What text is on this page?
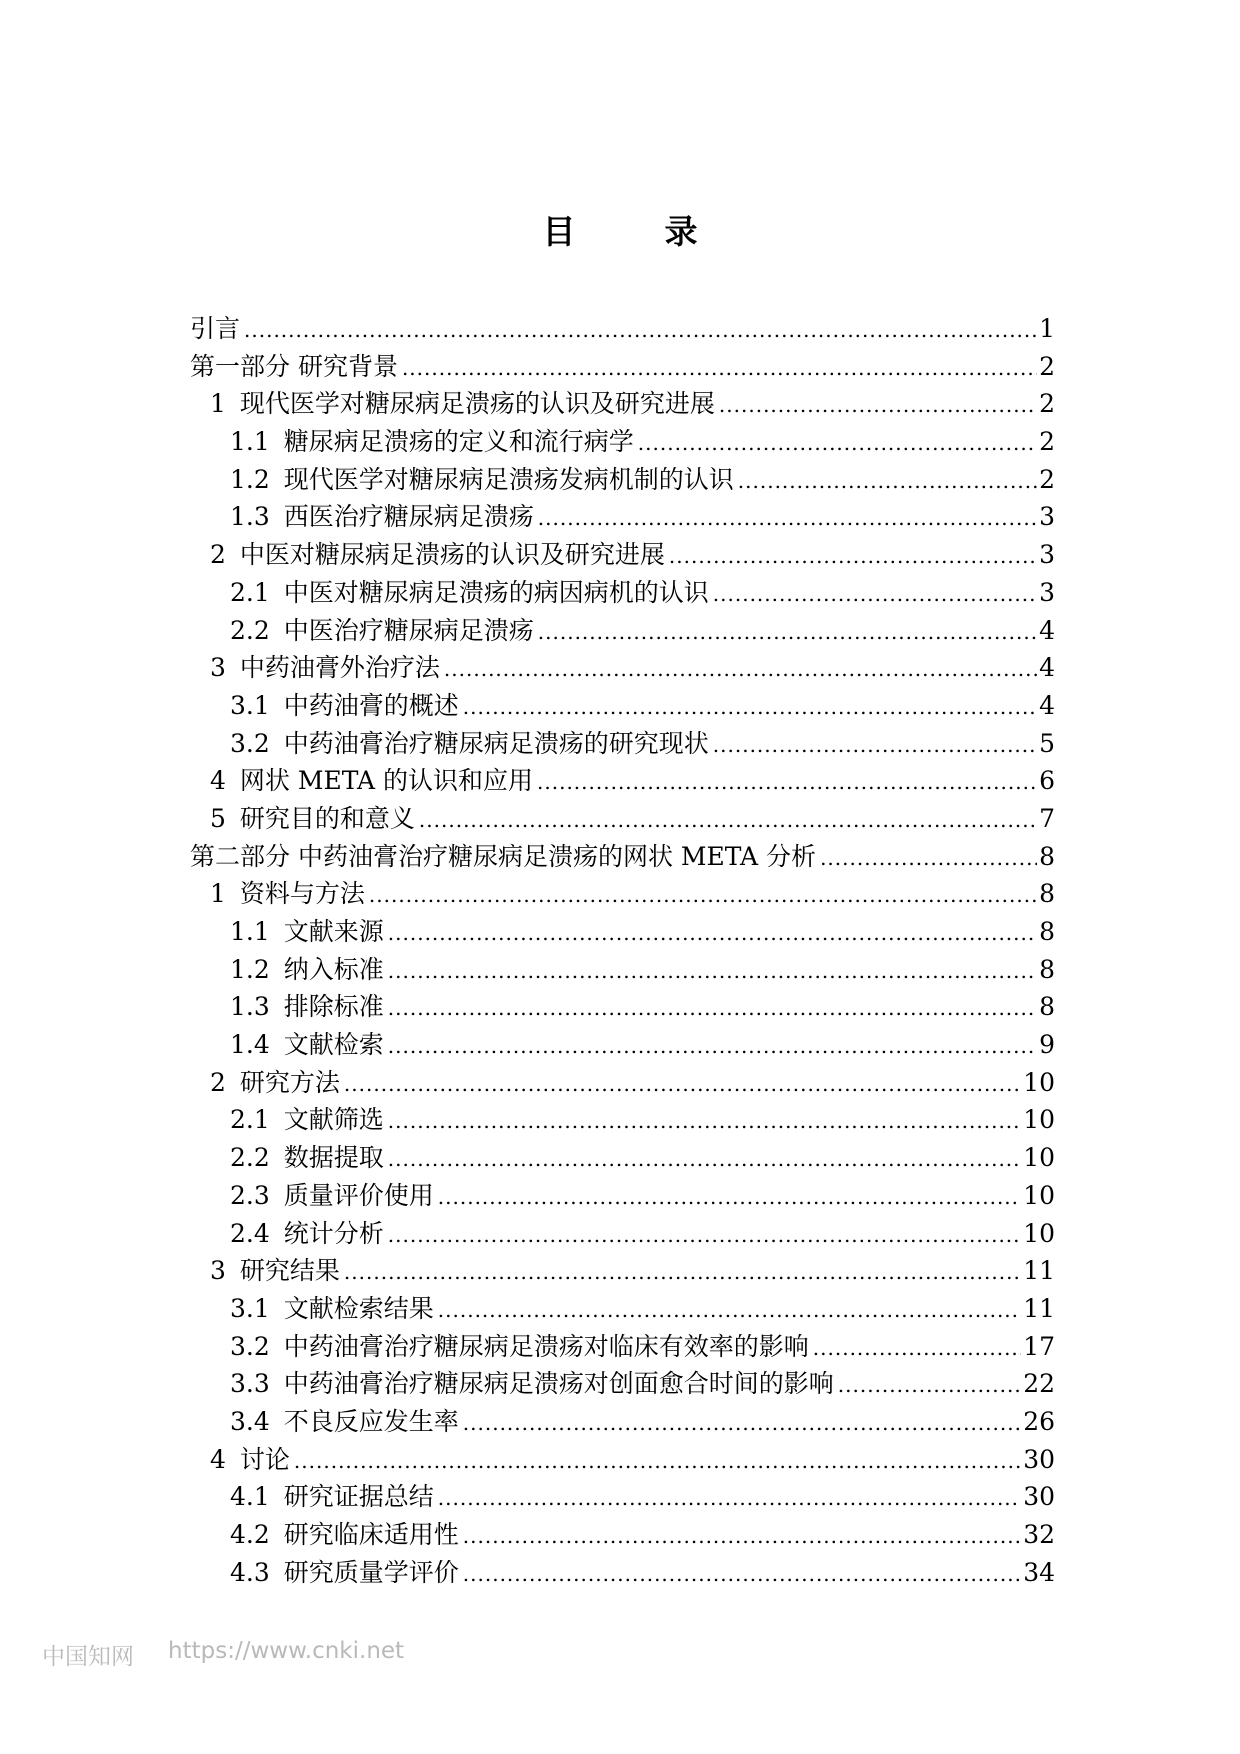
目　录
引言 .....	1
第一部分 研究背景 .....	2
1 现代医学对糖尿病足溃疡的认识及研究进展 .....	2
1.1 糖尿病足溃疡的定义和流行病学 .....	2
1.2 现代医学对糖尿病足溃疡发病机制的认识 .....	2
1.3 西医治疗糖尿病足溃疡 .....	3
2 中医对糖尿病足溃疡的认识及研究进展 .....	3
2.1 中医对糖尿病足溃疡的病因病机的认识 .....	3
2.2 中医治疗糖尿病足溃疡 .....	4
3 中药油膏外治疗法 .....	4
3.1 中药油膏的概述 .....	4
3.2 中药油膏治疗糖尿病足溃疡的研究现状 .....	5
4 网状 META 的认识和应用 .....	6
5 研究目的和意义 .....	7
第二部分 中药油膏治疗糖尿病足溃疡的网状 META 分析 .....	8
1 资料与方法 .....	8
1.1 文献来源 .....	8
1.2 纳入标准 .....	8
1.3 排除标准 .....	8
1.4 文献检索 .....	9
2 研究方法 .....	10
2.1 文献筛选 .....	10
2.2 数据提取 .....	10
2.3 质量评价使用 .....	10
2.4 统计分析 .....	10
3 研究结果 .....	11
3.1 文献检索结果 .....	11
3.2 中药油膏治疗糖尿病足溃疡对临床有效率的影响 .....	17
3.3 中药油膏治疗糖尿病足溃疡对创面愈合时间的影响 .....	22
3.4 不良反应发生率 .....	26
4 讨论 .....	30
4.1 研究证据总结 .....	30
4.2 研究临床适用性 .....	32
4.3 研究质量学评价 .....	34
中国知网 https://www.cnki.net
